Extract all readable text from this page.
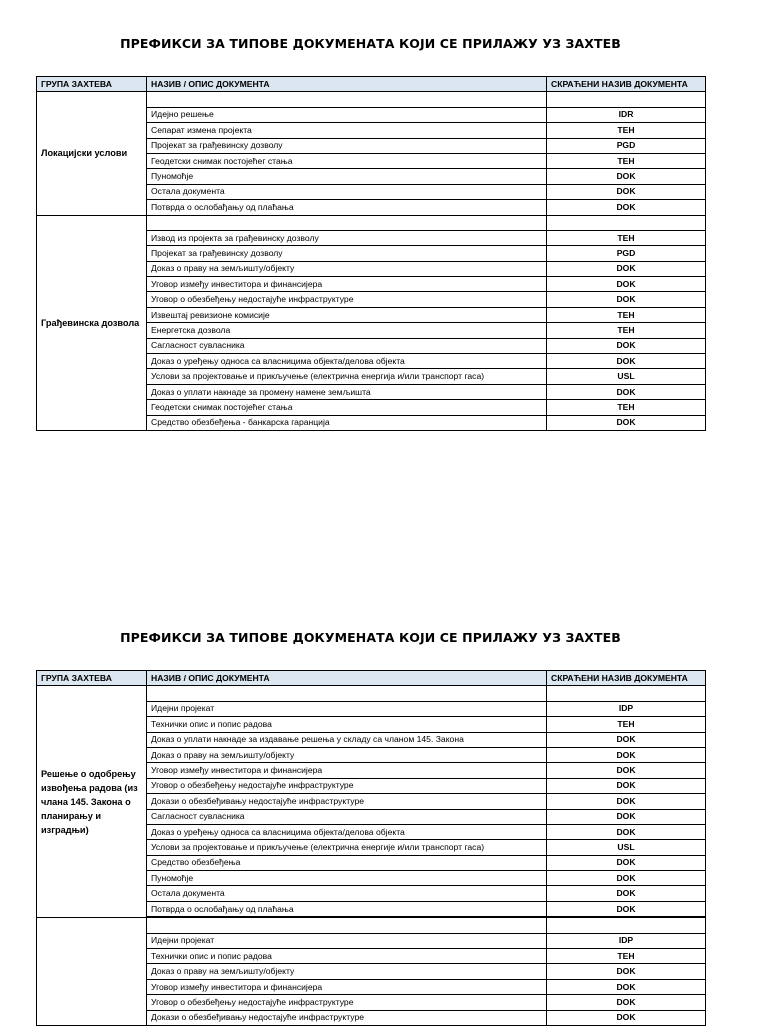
ПРЕФИКСИ ЗА ТИПОВЕ ДОКУМЕНАТА КОЈИ СЕ ПРИЛАЖУ УЗ ЗАХТЕВ
ГРУПА ЗАХТЕВА	НАЗИВ / ОПИС ДОКУМЕНТА	СКРАЋЕНИ НАЗИВ ДОКУМЕНТА
Локацијски услови		
	Идејно решење	IDR
	Сепарат измена пројекта	TEH
	Пројекат за грађевинску дозволу	PGD
	Геодетски снимак постојећег стања	TEH
	Пуномоћје	DOK
	Остала документа	DOK
	Потврда о ослобађању од плаћања	DOK
Грађевинска дозвола		
	Извод из пројекта за грађевинску дозволу	TEH
	Пројекат за грађевинску дозволу	PGD
	Доказ о праву на земљишту/објекту	DOK
	Уговор између инвеститора и финансијера	DOK
	Уговор о обезбеђењу недостајуће инфраструктуре	DOK
	Извештај ревизионе комисије	TEH
	Енергетска дозвола	TEH
	Сагласност сувласника	DOK
	Доказ о уређењу односа са власницима објекта/делова објекта	DOK
	Услови за пројектовање и прикључење (електрична енергија и/или транспорт гаса)	USL
	Доказ о уплати накнаде за промену намене земљишта	DOK
	Геодетски снимак постојећег стања	TEH
	Средство обезбеђења - банкарска гаранција	DOK
ПРЕФИКСИ ЗА ТИПОВЕ ДОКУМЕНАТА КОЈИ СЕ ПРИЛАЖУ УЗ ЗАХТЕВ
ГРУПА ЗАХТЕВА	НАЗИВ / ОПИС ДОКУМЕНТА	СКРАЋЕНИ НАЗИВ ДОКУМЕНТА
Решење о одобрењу извођења радова (из члана 145. Закона о планирању и изградњи)		
	Идејни пројекат	IDP
	Технички опис и попис радова	TEH
	Доказ о уплати накнаде за издавање решења у складу са чланом 145. Закона	DOK
	Доказ о праву на земљишту/објекту	DOK
	Уговор између инвеститора и финансијера	DOK
	Уговор о обезбеђењу недостајуће инфраструктуре	DOK
	Докази о обезбеђивању недостајуће инфраструктуре	DOK
	Сагласност сувласника	DOK
	Доказ о уређењу односа са власницима објекта/делова објекта	DOK
	Услови за пројектовање и прикључење (електрична енергије и/или транспорт гаса)	USL
	Средство обезбеђења	DOK
	Пуномоћје	DOK
	Остала документа	DOK
	Потврда о ослобађању од плаћања	DOK

	Идејни пројекат	IDP
	Технички опис и попис радова	TEH
	Доказ о праву на земљишту/објекту	DOK
	Уговор између инвеститора и финансијера	DOK
	Уговор о обезбеђењу недостајуће инфраструктуре	DOK
	Докази о обезбеђивању недостајуће инфраструктуре	DOK
